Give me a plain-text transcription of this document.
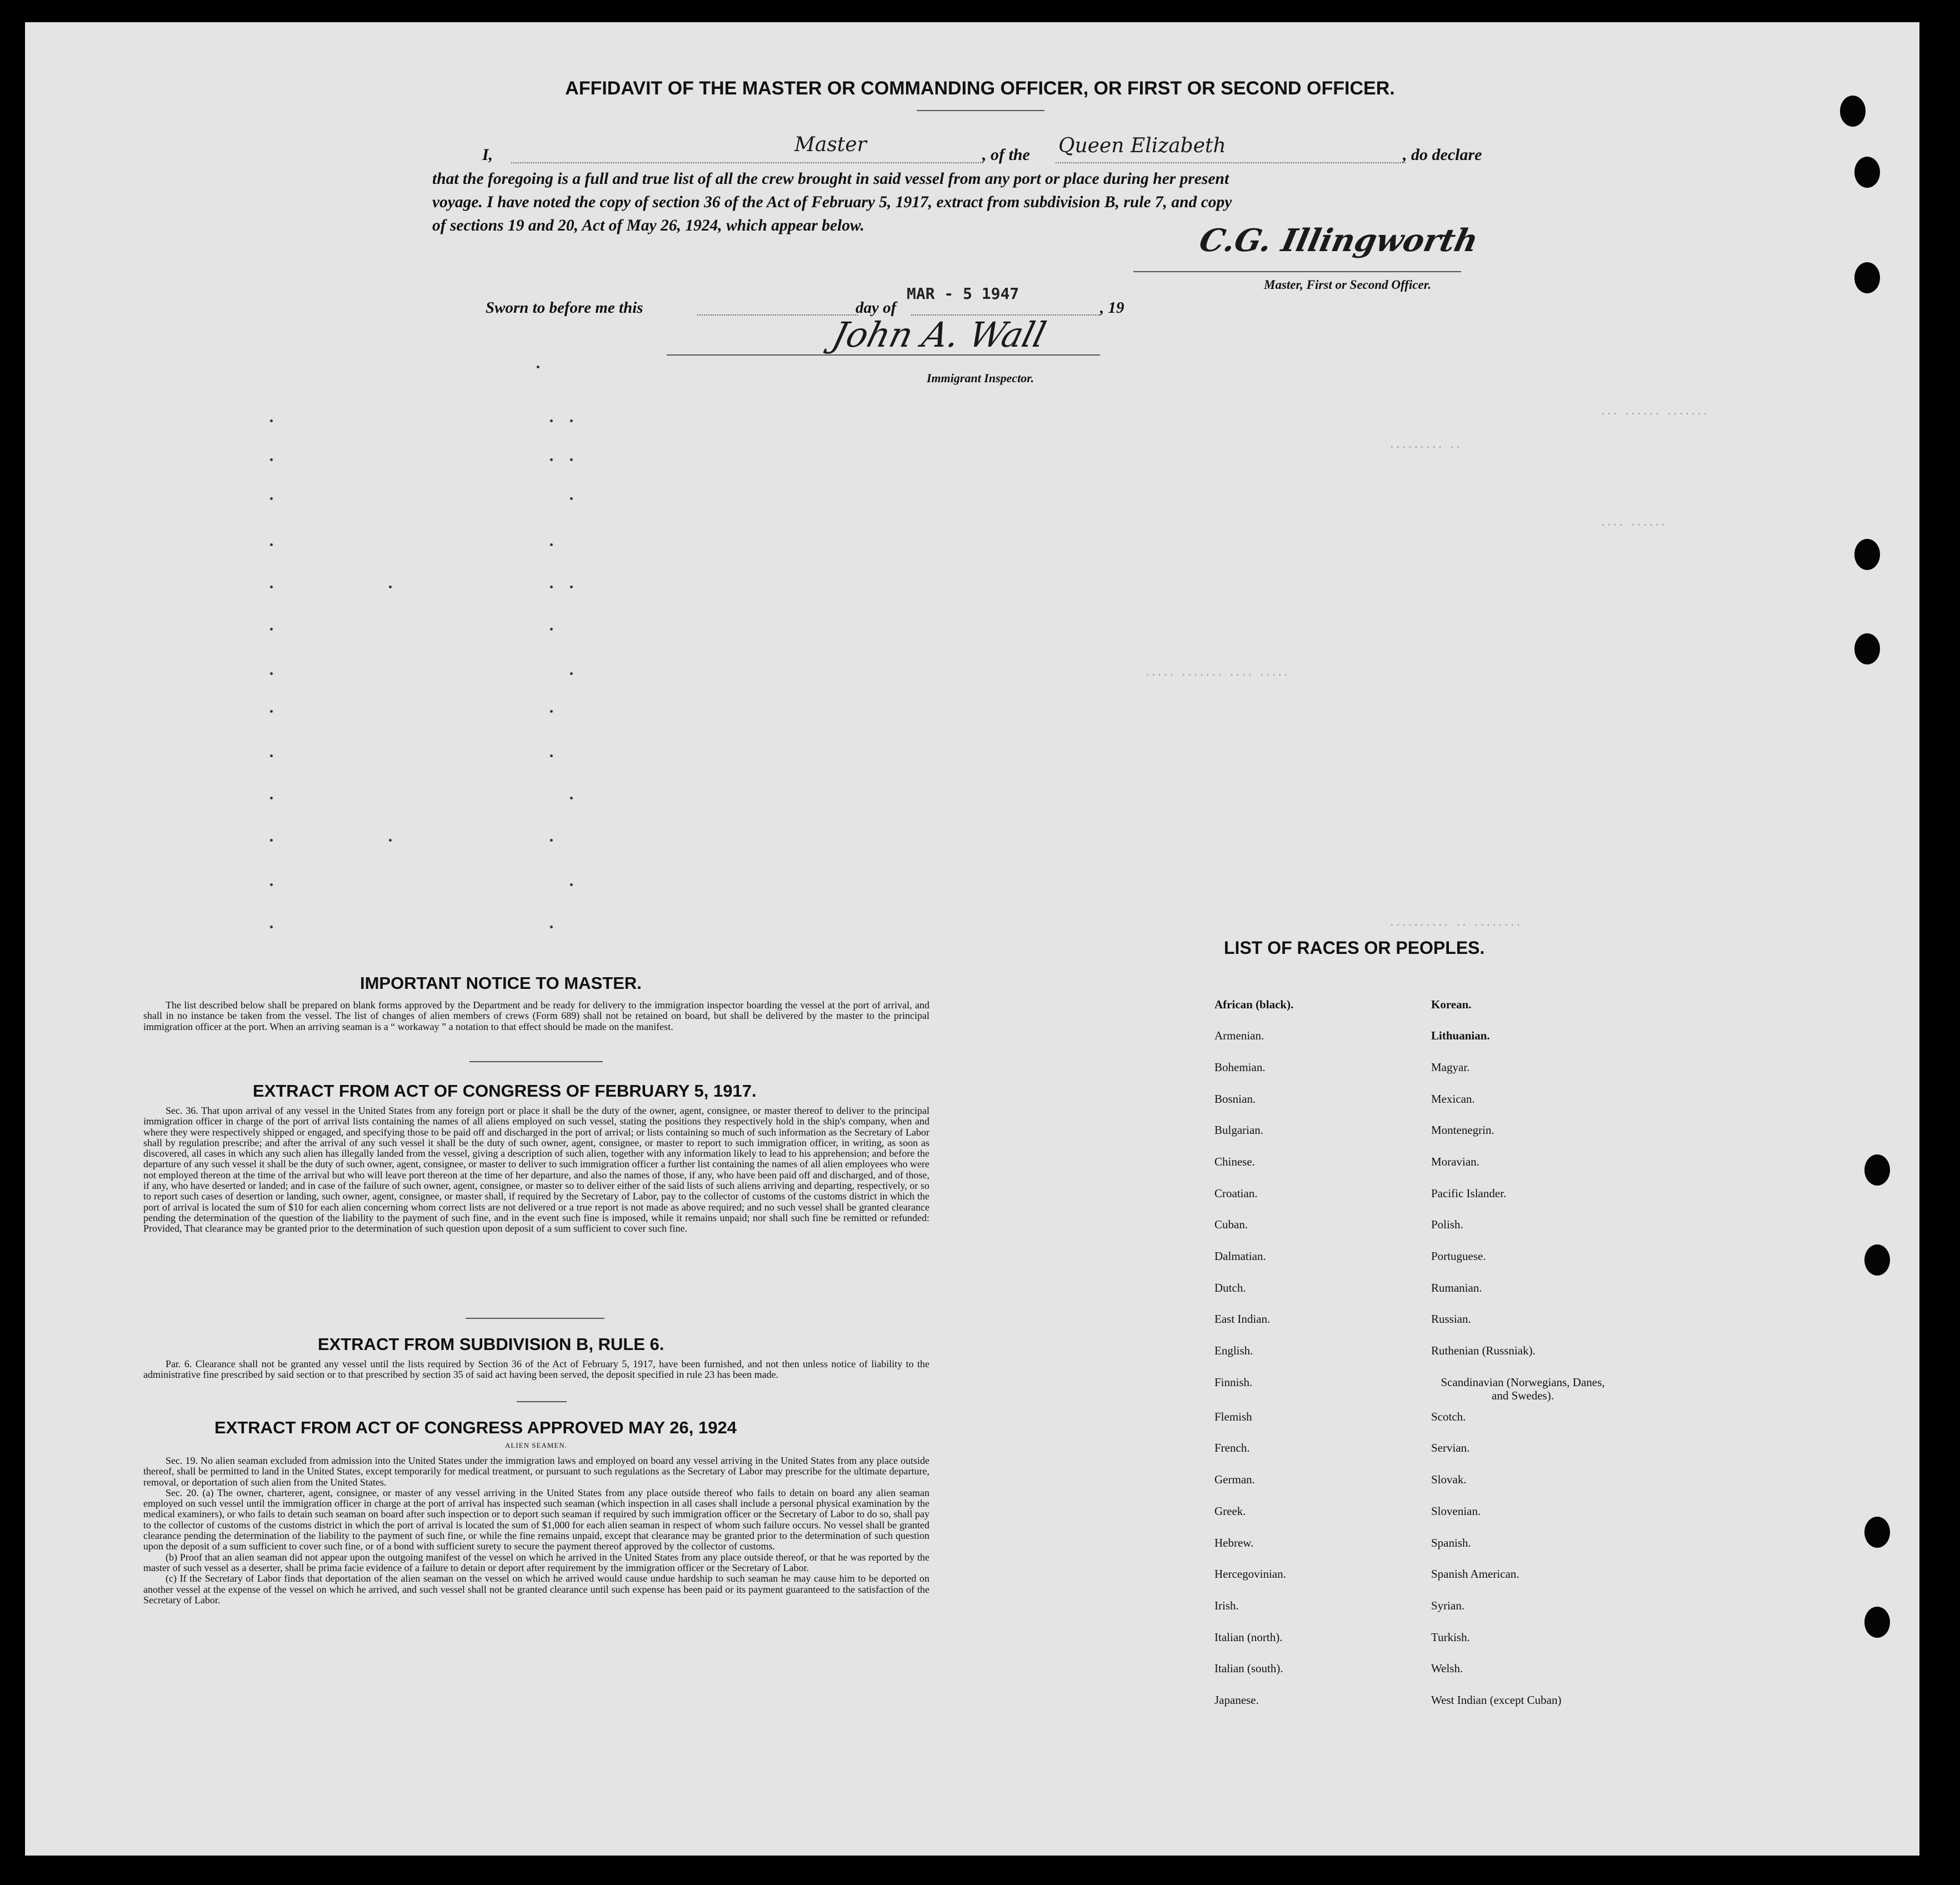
... ...... .......
......... ..
.... ......
..... ....... .... .....
.......... .. ........
AFFIDAVIT OF THE MASTER OR COMMANDING OFFICER, OR FIRST OR SECOND OFFICER.
I,	Master	, of the Queen Elizabeth	, do declare
that the foregoing is a full and true list of all the crew brought in said vessel from any port or place during her present
voyage. I have noted the copy of section 36 of the Act of February 5, 1917, extract from subdivision B, rule 7, and copy
of sections 19 and 20, Act of May 26, 1924, which appear below.	C.G. Illingworth
Master, First or Second Officer.
Sworn to before me this
MAR - 5 1947
day of	, 19
John A. Wall
Immigrant Inspector.
IMPORTANT NOTICE TO MASTER.

The list described below shall be prepared on blank forms approved by the Department and be ready for delivery to the immigration inspector boarding the vessel at the port of arrival, and shall in no instance be taken from the vessel. The list of changes of alien members of crews (Form 689) shall not be retained on board, but shall be delivered by the master to the principal immigration officer at the port. When an arriving seaman is a “ workaway ” a notation to that effect should be made on the manifest.

EXTRACT FROM ACT OF CONGRESS OF FEBRUARY 5, 1917.

Sec. 36. That upon arrival of any vessel in the United States from any foreign port or place it shall be the duty of the owner, agent, consignee, or master thereof to deliver to the principal immigration officer in charge of the port of arrival lists containing the names of all aliens employed on such vessel, stating the positions they respectively hold in the ship's company, when and where they were respectively shipped or engaged, and specifying those to be paid off and discharged in the port of arrival; or lists containing so much of such information as the Secretary of Labor shall by regulation prescribe; and after the arrival of any such vessel it shall be the duty of such owner, agent, consignee, or master to report to such immigration officer, in writing, as soon as discovered, all cases in which any such alien has illegally landed from the vessel, giving a description of such alien, together with any information likely to lead to his apprehension; and before the departure of any such vessel it shall be the duty of such owner, agent, consignee, or master to deliver to such immigration officer a further list containing the names of all alien employees who were not employed thereon at the time of the arrival but who will leave port thereon at the time of her departure, and also the names of those, if any, who have been paid off and discharged, and of those, if any, who have deserted or landed; and in case of the failure of such owner, agent, consignee, or master so to deliver either of the said lists of such aliens arriving and departing, respectively, or so to report such cases of desertion or landing, such owner, agent, consignee, or master shall, if required by the Secretary of Labor, pay to the collector of customs of the customs district in which the port of arrival is located the sum of $10 for each alien concerning whom correct lists are not delivered or a true report is not made as above required; and no such vessel shall be granted clearance pending the determination of the question of the liability to the payment of such fine, and in the event such fine is imposed, while it remains unpaid; nor shall such fine be remitted or refunded: Provided, That clearance may be granted prior to the determination of such question upon deposit of a sum sufficient to cover such fine.

EXTRACT FROM SUBDIVISION B, RULE 6.

Par. 6. Clearance shall not be granted any vessel until the lists required by Section 36 of the Act of February 5, 1917, have been furnished, and not then unless notice of liability to the administrative fine prescribed by said section or to that prescribed by section 35 of said act having been served, the deposit specified in rule 23 has been made.

EXTRACT FROM ACT OF CONGRESS APPROVED MAY 26, 1924
ALIEN SEAMEN.

Sec. 19. No alien seaman excluded from admission into the United States under the immigration laws and employed on board any vessel arriving in the United States from any place outside thereof, shall be permitted to land in the United States, except temporarily for medical treatment, or pursuant to such regulations as the Secretary of Labor may prescribe for the ultimate departure, removal, or deportation of such alien from the United States.

Sec. 20. (a) The owner, charterer, agent, consignee, or master of any vessel arriving in the United States from any place outside thereof who fails to detain on board any alien seaman employed on such vessel until the immigration officer in charge at the port of arrival has inspected such seaman (which inspection in all cases shall include a personal physical examination by the medical examiners), or who fails to detain such seaman on board after such inspection or to deport such seaman if required by such immigration officer or the Secretary of Labor to do so, shall pay to the collector of customs of the customs district in which the port of arrival is located the sum of $1,000 for each alien seaman in respect of whom such failure occurs. No vessel shall be granted clearance pending the determination of the liability to the payment of such fine, or while the fine remains unpaid, except that clearance may be granted prior to the determination of such question upon the deposit of a sum sufficient to cover such fine, or of a bond with sufficient surety to secure the payment thereof approved by the collector of customs.

(b) Proof that an alien seaman did not appear upon the outgoing manifest of the vessel on which he arrived in the United States from any place outside thereof, or that he was reported by the master of such vessel as a deserter, shall be prima facie evidence of a failure to detain or deport after requirement by the immigration officer or the Secretary of Labor.

(c) If the Secretary of Labor finds that deportation of the alien seaman on the vessel on which he arrived would cause undue hardship to such seaman he may cause him to be deported on another vessel at the expense of the vessel on which he arrived, and such vessel shall not be granted clearance until such expense has been paid or its payment guaranteed to the satisfaction of the Secretary of Labor.

LIST OF RACES OR PEOPLES.
African (black).
Armenian.
Bohemian.
Bosnian.
Bulgarian.
Chinese.
Croatian.
Cuban.
Dalmatian.
Dutch.
East Indian.
English.
Finnish.
Flemish
French.
German.
Greek.
Hebrew.
Hercegovinian.
Irish.
Italian (north).
Italian (south).
Japanese.
Korean.
Lithuanian.
Magyar.
Mexican.
Montenegrin.
Moravian.
Pacific Islander.
Polish.
Portuguese.
Rumanian.
Russian.
Ruthenian (Russniak).
Scandinavian (Norwegians, Danes, and Swedes).
Scotch.
Servian.
Slovak.
Slovenian.
Spanish.
Spanish American.
Syrian.
Turkish.
Welsh.
West Indian (except Cuban)
